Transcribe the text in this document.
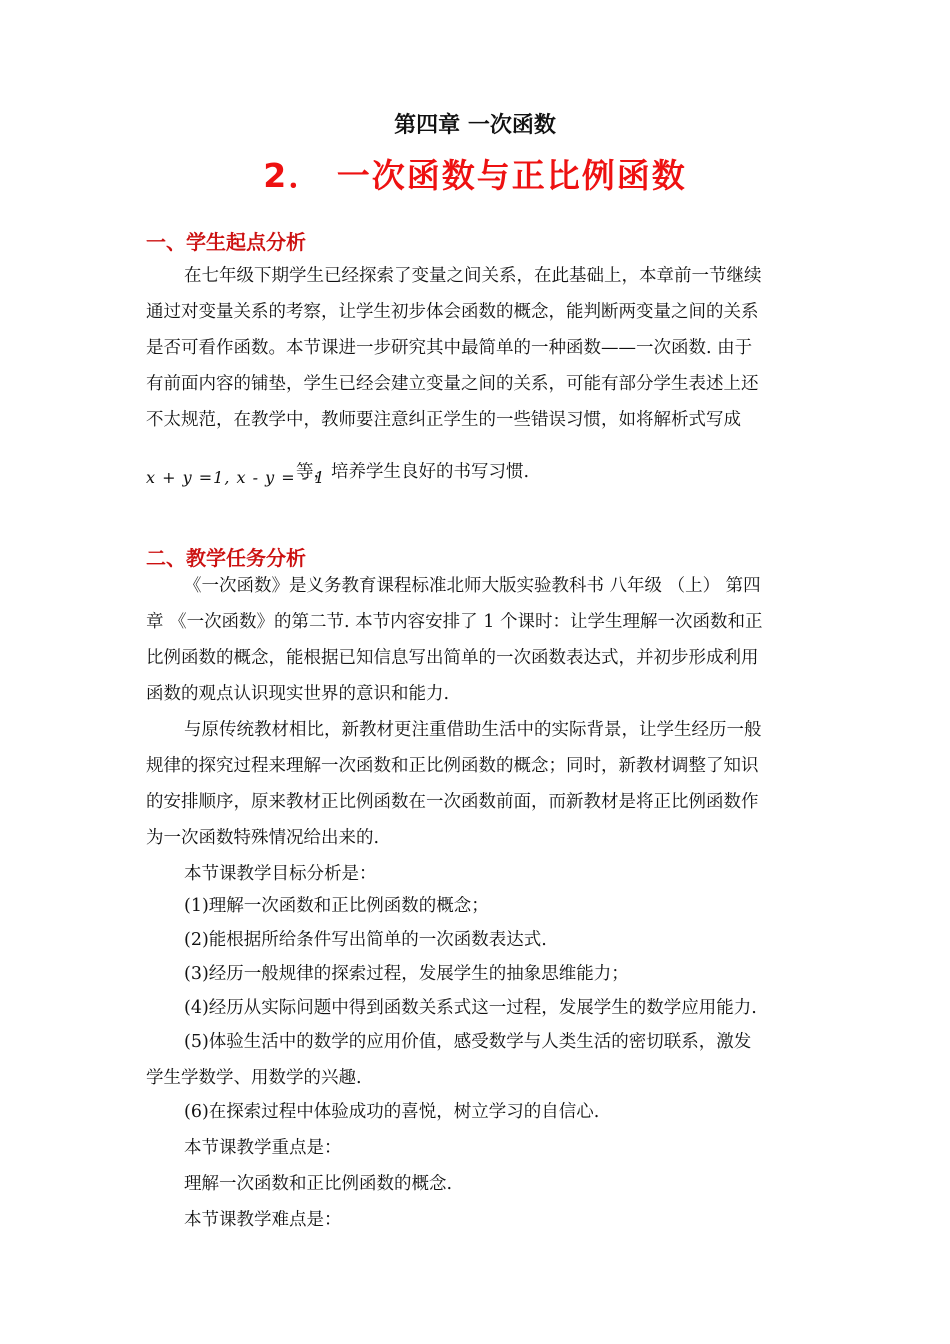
第四章 一次函数
2． 一次函数与正比例函数
一、学生起点分析
在七年级下期学生已经探索了变量之间关系，在此基础上，本章前一节继续
通过对变量关系的考察，让学生初步体会函数的概念，能判断两变量之间的关系
是否可看作函数。本节课进一步研究其中最简单的一种函数——一次函数. 由于
有前面内容的铺垫，学生已经会建立变量之间的关系，可能有部分学生表述上还
不太规范，在教学中，教师要注意纠正学生的一些错误习惯，如将解析式写成
x + y =1, x - y = - 1
等，培养学生良好的书写习惯.
二、教学任务分析
《一次函数》是义务教育课程标准北师大版实验教科书 八年级 （上） 第四
章 《一次函数》的第二节. 本节内容安排了 1 个课时：让学生理解一次函数和正
比例函数的概念，能根据已知信息写出简单的一次函数表达式，并初步形成利用
函数的观点认识现实世界的意识和能力.
与原传统教材相比，新教材更注重借助生活中的实际背景，让学生经历一般
规律的探究过程来理解一次函数和正比例函数的概念；同时，新教材调整了知识
的安排顺序，原来教材正比例函数在一次函数前面，而新教材是将正比例函数作
为一次函数特殊情况给出来的.
本节课教学目标分析是：
(1)理解一次函数和正比例函数的概念；
(2)能根据所给条件写出简单的一次函数表达式.
(3)经历一般规律的探索过程，发展学生的抽象思维能力；
(4)经历从实际问题中得到函数关系式这一过程，发展学生的数学应用能力.
(5)体验生活中的数学的应用价值，感受数学与人类生活的密切联系，激发
学生学数学、用数学的兴趣.
(6)在探索过程中体验成功的喜悦，树立学习的自信心.
本节课教学重点是：
理解一次函数和正比例函数的概念.
本节课教学难点是：
